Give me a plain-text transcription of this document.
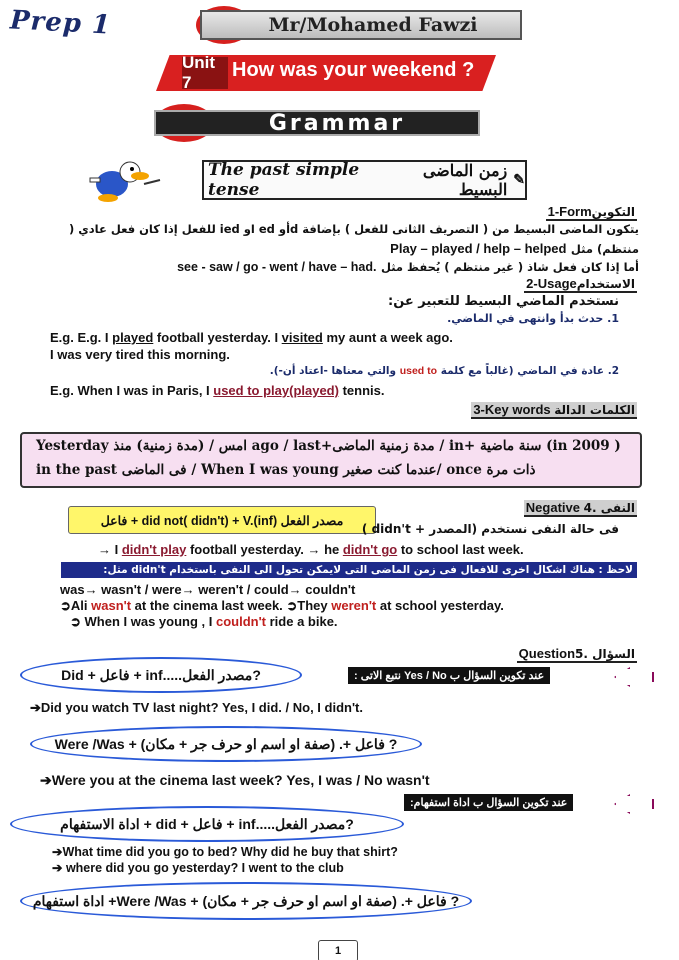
Prep 1	Mr/Mohamed Fawzi
Unit 7
How was your weekend ?
Grammar
The past simple tense
زمن الماضى البسيط ✎
1-Formالتكوين
يتكون الماضى البسيط من ( التصريف الثانى للفعل ) بإضافة dأو ed او ied للفعل إذا كان فعل عادي (
Play – played / help – helped منتظم) مثل
see - saw / go - went / have – had. أما إذا كان فعل شاذ ( غير منتظم ) يُحفظ مثل
2-Usageالاستخدام
نستخدم الماضي البسيط للتعبير عن:
1. حدث بدأ وانتهى في الماضي.
E.g. E.g. I played football yesterday. I visited my aunt a week ago.
I was very tired this morning.
2. عادة في الماضي (غالباً مع كلمة used to والتي معناها -اعتاد أن-).
E.g. When I was in Paris, I used to play(played) tennis.
3-Key words الكلمات الدالة
Yesterday امس / (مدة زمنية) منذ ago / last+مدة زمنية الماضى / in+ سنة ماضية (in 2009 )
in the past فى الماضى / When I was young عندما كنت صغير/ once ذات مرة
Negative 4. النفى
فاعل + did not( didn't) + V.(inf) مصدر الفعل
فى حالة النفى نستخدم (المصدر + didn't )
→ I didn't play football yesterday. → he didn't go to school last week.
لاحظ : هناك اشكال اخرى للافعال فى زمن الماضى التى لايمكن تحول الى النفى باستخدام didn't مثل:
was→ wasn't / were→ weren't / could→ couldn't
➲Ali wasn't at the cinema last week. ➲They weren't at school yesterday.
➲ When I was young , I couldn't ride a bike.
Question5. السؤال
Did + فاعل + inf.....مصدر الفعل?	عند تكوين السؤال ب Yes / No نتبع الاتى :
➔Did you watch TV last night? Yes, I did. / No, I didn't.
Were /Was + فاعل +. (صفة او اسم او حرف جر + مكان) ?
➔Were you at the cinema last week? Yes, I was / No wasn't
عند تكوين السؤال ب اداة استفهام:
اداة الاستفهام + did + فاعل + inf.....مصدر الفعل?
➔What time did you go to bed? Why did he buy that shirt?
➔ where did you go yesterday? I went to the club
اداة استفهام +Were /Was + فاعل +. (صفة او اسم او حرف جر + مكان) ?
1
